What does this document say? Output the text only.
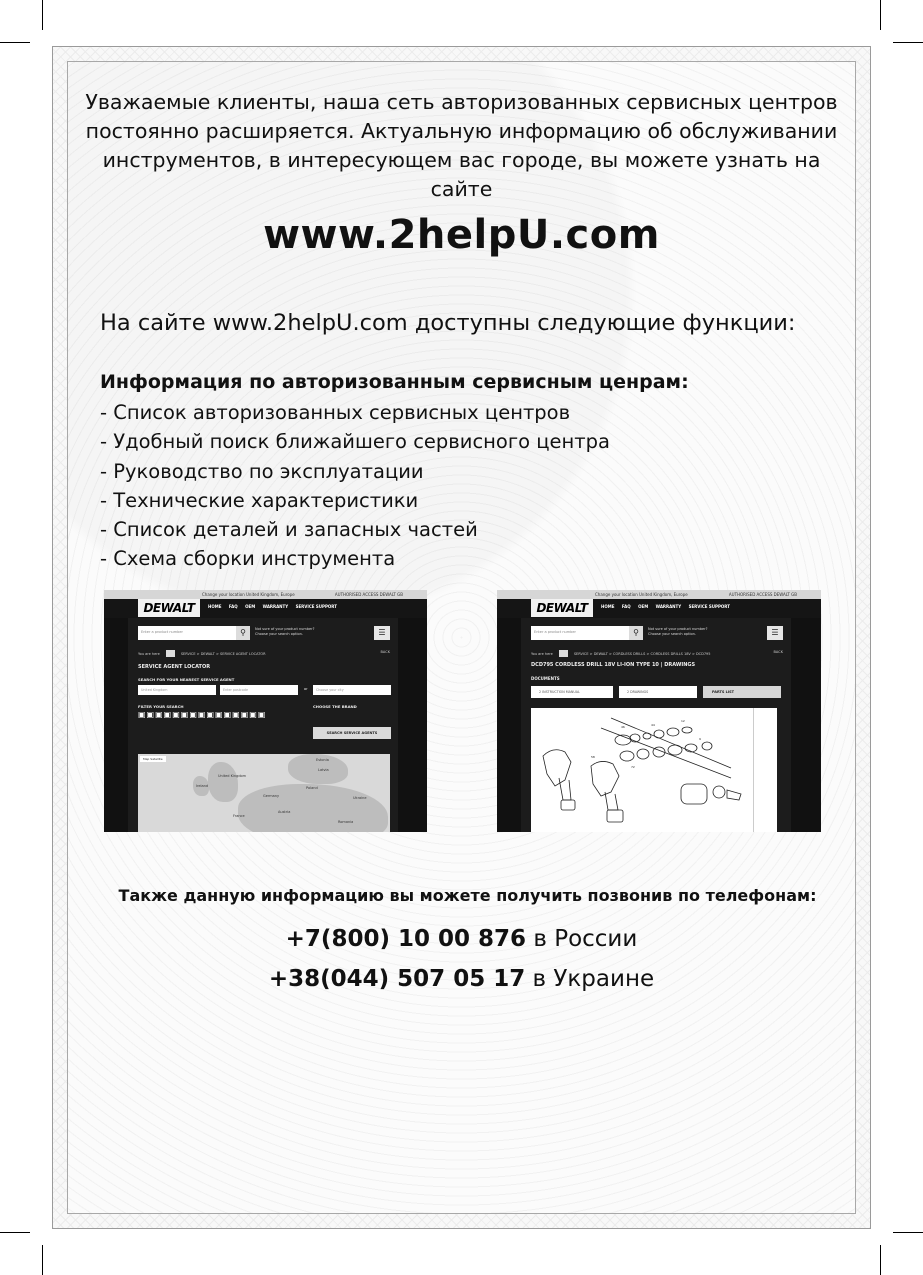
Уважаемые клиенты, наша сеть авторизованных сервисных центров постоянно расширяется. Актуальную информацию об обслуживании инструментов, в интересующем вас городе, вы можете узнать на сайте

www.2helpU.com

На сайте www.2helpU.com доступны следующие функции:

Информация по авторизованным сервисным ценрам:

- Список авторизованных сервисных центров
- Удобный поиск ближайшего сервисного центра
- Руководство по эксплуатации
- Технические характеристики
- Список деталей и запасных частей
- Схема сборки инструмента
Change your location United Kingdom, Europe	AUTHORISED ACCESS DEWALT GB
DEWALT	HOME FAQ OEM WARRANTY SERVICE SUPPORT
Enter a product number	⚲	Not sure of your product number?
Choose your search option.	☰
You are here	SERVICE > DEWALT > SERVICE AGENT LOCATOR	BACK
SERVICE AGENT LOCATOR
SEARCH FOR YOUR NEAREST SERVICE AGENT
United Kingdom	Enter postcode	or	Choose your city
FILTER YOUR SEARCH	CHOOSE THE BRAND
▣▣▣▣▣▣▣▣▣▣▣▣▣▣▣
SEARCH SERVICE AGENTS
Map Satellite	Estonia
Latvia
United Kingdom
Ireland	Poland
Germany
France
Ukraine
Austria
Romania
Change your location United Kingdom, Europe	AUTHORISED ACCESS DEWALT GB
DEWALT	HOME FAQ OEM WARRANTY SERVICE SUPPORT
Enter a product number	⚲	Not sure of your product number?
Choose your search option.	☰
You are here	SERVICE > DEWALT > CORDLESS DRILLS > CORDLESS DRILLS 18V > DCD795	BACK
DCD795 CORDLESS DRILL 18V LI-ION TYPE 10 | DRAWINGS
DOCUMENTS
2 INSTRUCTION MANUAL	2 DRAWINGS	PARTS LIST
46	44
12
58
72
9

Также данную информацию вы можете получить позвонив по телефонам:

+7(800) 10 00 876 в России

+38(044) 507 05 17 в Украине
